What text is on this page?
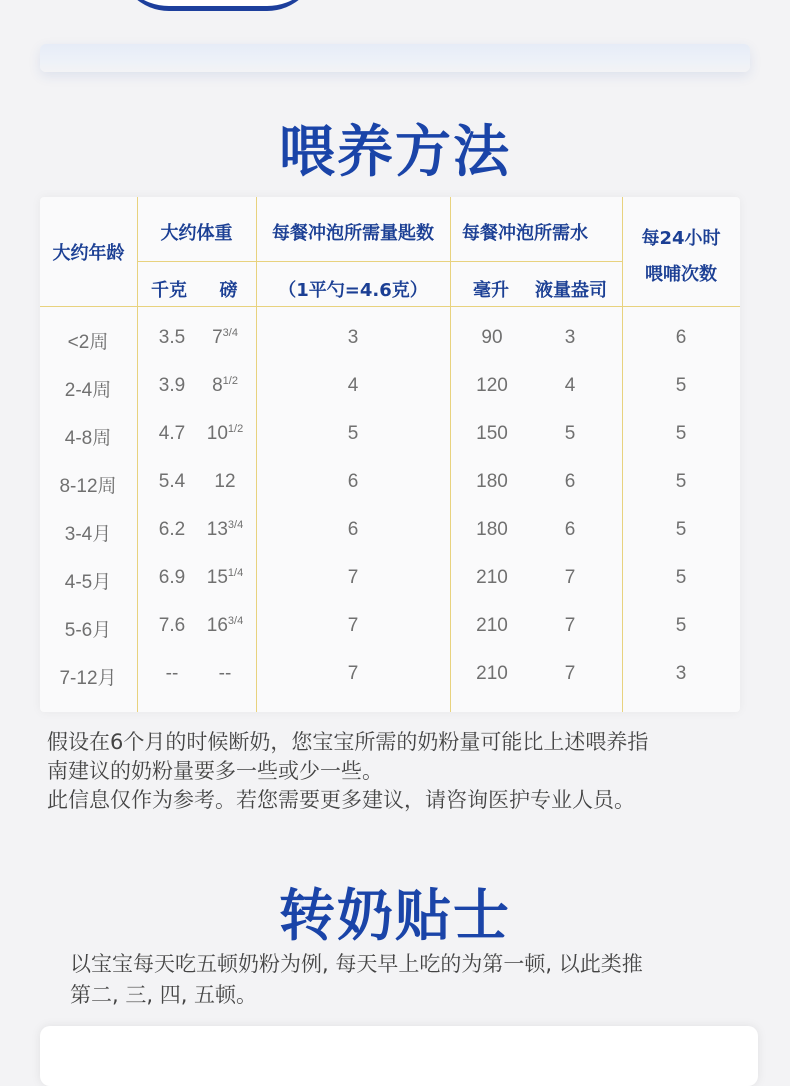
喂养方法
大约年龄
大约体重
千克	磅
每餐冲泡所需量匙数
（1平勺=4.6克）
每餐冲泡所需水
毫升	液量盎司
每24小时
喂哺次数
<2周	3.5 $7^{3/4}$	3	90	3	6
2-4周	3.9 $8^{1/2}$	4	120	4	5
4-8周	4.7 $10^{1/2}$	5	150	5	5
8-12周 5.4 12	6	180	6	5
3-4月	6.2 $13^{3/4}$	6	180	6	5
4-5月	6.9 $15^{1/4}$	7	210	7	5
5-6月	7.6 $16^{3/4}$	7	210	7	5
7-12月	-- --	7	210	7	3
假设在6个月的时候断奶，您宝宝所需的奶粉量可能比上述喂养指
南建议的奶粉量要多一些或少一些。
此信息仅作为参考。若您需要更多建议，请咨询医护专业人员。
转奶贴士
以宝宝每天吃五顿奶粉为例, 每天早上吃的为第一顿, 以此类推
第二, 三, 四, 五顿。
